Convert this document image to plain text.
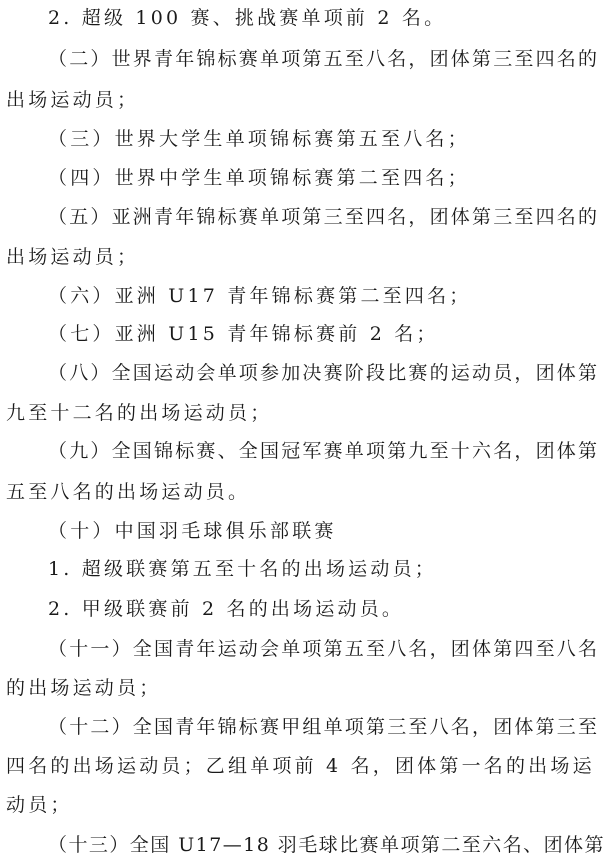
2. 超级 100 赛、挑战赛单项前 2 名。
（二）世界青年锦标赛单项第五至八名，团体第三至四名的
出场运动员；
（三）世界大学生单项锦标赛第五至八名；
（四）世界中学生单项锦标赛第二至四名；
（五）亚洲青年锦标赛单项第三至四名，团体第三至四名的
出场运动员；
（六）亚洲 U17 青年锦标赛第二至四名；
（七）亚洲 U15 青年锦标赛前 2 名；
（八）全国运动会单项参加决赛阶段比赛的运动员，团体第
九至十二名的出场运动员；
（九）全国锦标赛、全国冠军赛单项第九至十六名，团体第
五至八名的出场运动员。
（十）中国羽毛球俱乐部联赛
1. 超级联赛第五至十名的出场运动员；
2. 甲级联赛前 2 名的出场运动员。
（十一）全国青年运动会单项第五至八名，团体第四至八名
的出场运动员；
（十二）全国青年锦标赛甲组单项第三至八名，团体第三至
四名的出场运动员；乙组单项前 4 名，团体第一名的出场运
动员；
（十三）全国 U17—18 羽毛球比赛单项第二至六名、团体第
